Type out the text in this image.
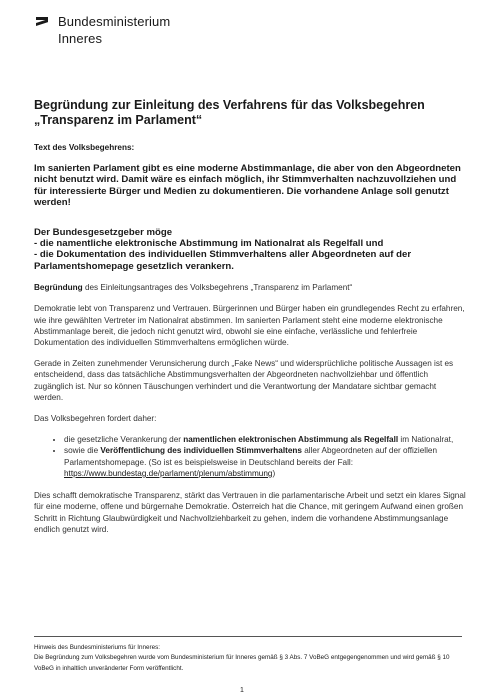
Bundesministerium
Inneres
Begründung zur Einleitung des Verfahrens für das Volksbegehren
„Transparenz im Parlament“
Text des Volksbegehrens:
Im sanierten Parlament gibt es eine moderne Abstimmanlage, die aber von den Abgeordneten nicht benutzt wird. Damit wäre es einfach möglich, ihr Stimmverhalten nachzuvollziehen und für interessierte Bürger und Medien zu dokumentieren. Die vorhandene Anlage soll genutzt werden!
Der Bundesgesetzgeber möge
- die namentliche elektronische Abstimmung im Nationalrat als Regelfall und
- die Dokumentation des individuellen Stimmverhaltens aller Abgeordneten auf der Parlamentshomepage gesetzlich verankern.

Begründung des Einleitungsantrages des Volksbegehrens „Transparenz im Parlament“

Demokratie lebt von Transparenz und Vertrauen. Bürgerinnen und Bürger haben ein grundlegendes Recht zu erfahren, wie ihre gewählten Vertreter im Nationalrat abstimmen. Im sanierten Parlament steht eine moderne elektronische Abstimmanlage bereit, die jedoch nicht genutzt wird, obwohl sie eine einfache, verlässliche und fehlerfreie Dokumentation des individuellen Stimmverhaltens ermöglichen würde.

Gerade in Zeiten zunehmender Verunsicherung durch „Fake News“ und widersprüchliche politische Aussagen ist es entscheidend, dass das tatsächliche Abstimmungsverhalten der Abgeordneten nachvollziehbar und öffentlich zugänglich ist. Nur so können Täuschungen verhindert und die Verantwortung der Mandatare sichtbar gemacht werden.

Das Volksbegehren fordert daher:

• die gesetzliche Verankerung der namentlichen elektronischen Abstimmung als Regelfall im Nationalrat,
• sowie die Veröffentlichung des individuellen Stimmverhaltens aller Abgeordneten auf der offiziellen Parlamentshomepage. (So ist es beispielsweise in Deutschland bereits der Fall: https://www.bundestag.de/parlament/plenum/abstimmung)

Dies schafft demokratische Transparenz, stärkt das Vertrauen in die parlamentarische Arbeit und setzt ein klares Signal für eine moderne, offene und bürgernahe Demokratie. Österreich hat die Chance, mit geringem Aufwand einen großen Schritt in Richtung Glaubwürdigkeit und Nachvollziehbarkeit zu gehen, indem die vorhandene Abstimmungsanlage endlich genutzt wird.

Hinweis des Bundesministeriums für Inneres:
Die Begründung zum Volksbegehren wurde vom Bundesministerium für Inneres gemäß § 3 Abs. 7 VoBeG entgegengenommen und wird gemäß § 10 VoBeG in inhaltlich unveränderter Form veröffentlicht.
1
